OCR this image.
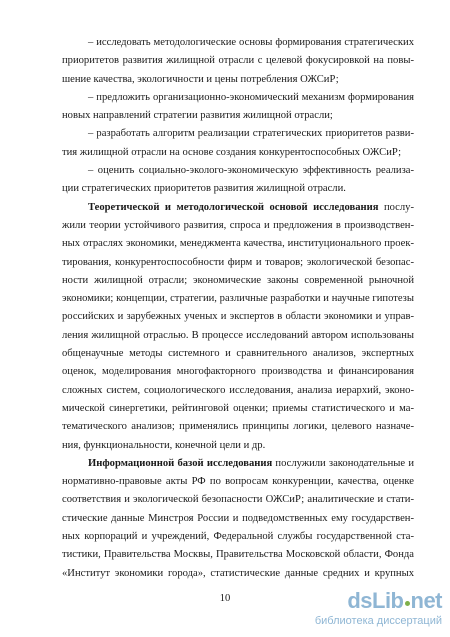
– исследовать методологические основы формирования стратегических
приоритетов развития жилищной отрасли с целевой фокусировкой на повы-
шение качества, экологичности и цены потребления ОЖСиР;
– предложить организационно-экономический механизм формирования
новых направлений стратегии развития жилищной отрасли;
– разработать алгоритм реализации стратегических приоритетов разви-
тия жилищной отрасли на основе создания конкурентоспособных ОЖСиР;
– оценить социально-эколого-экономическую эффективность реализа-
ции стратегических приоритетов развития жилищной отрасли.
Теоретической и методологической основой исследования послу-
жили теории устойчивого развития, спроса и предложения в производствен-
ных отраслях экономики, менеджмента качества, институционального проек-
тирования, конкурентоспособности фирм и товаров; экологической безопас-
ности жилищной отрасли; экономические законы современной рыночной
экономики; концепции, стратегии, различные разработки и научные гипотезы
российских и зарубежных ученых и экспертов в области экономики и управ-
ления жилищной отраслью. В процессе исследований автором использованы
общенаучные методы системного и сравнительного анализов, экспертных
оценок, моделирования многофакторного производства и финансирования
сложных систем, социологического исследования, анализа иерархий, эконо-
мической синергетики, рейтинговой оценки; приемы статистического и ма-
тематического анализов; применялись принципы логики, целевого назначе-
ния, функциональности, конечной цели и др.
Информационной базой исследования послужили законодательные и
нормативно-правовые акты РФ по вопросам конкуренции, качества, оценке
соответствия и экологической безопасности ОЖСиР; аналитические и стати-
стические данные Минстроя России и подведомственных ему государствен-
ных корпораций и учреждений, Федеральной службы государственной ста-
тистики, Правительства Москвы, Правительства Московской области, Фонда
«Институт экономики города», статистические данные средних и крупных
10	dsLib net
библиотека диссертаций
